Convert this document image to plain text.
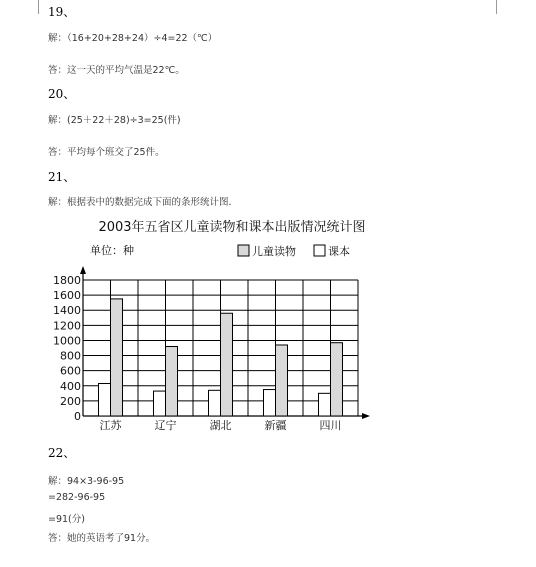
19、
解：（16+20+28+24）÷4=22（℃）
答：这一天的平均气温是22℃。
20、
解：(25＋22＋28)÷3=25(件)
答：平均每个班交了25件。
21、
解：根据表中的数据完成下面的条形统计图．
2003年五省区儿童读物和课本出版情况统计图
单位：种	儿童读物	课本
0
200
400
600
800
1000
1200
1400
1600
1800
江苏	辽宁	湖北	新疆	四川
22、
解：94×3-96-95
=282-96-95
=91(分)
答：她的英语考了91分。
